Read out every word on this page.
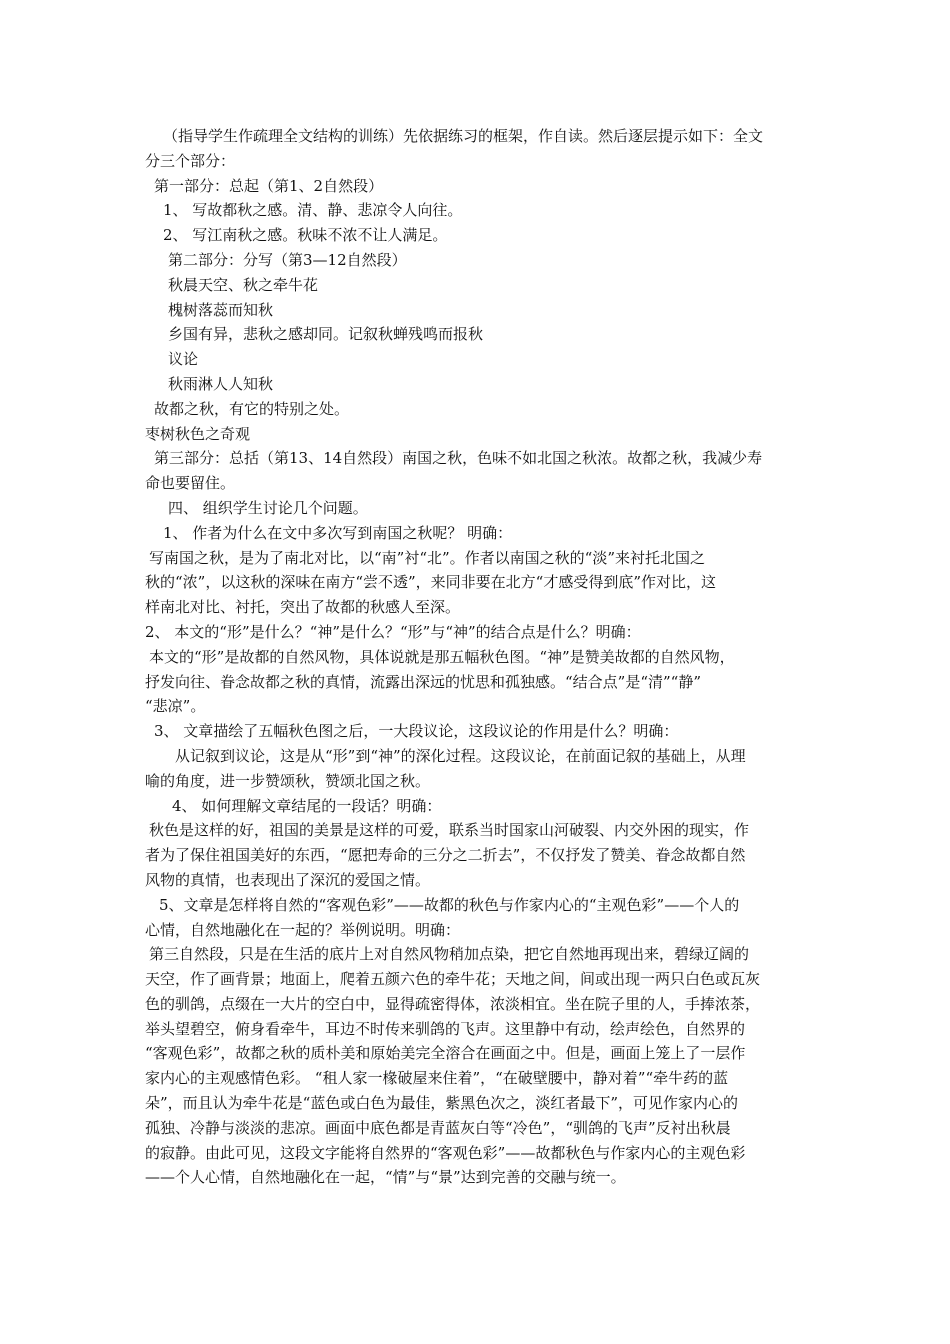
（指导学生作疏理全文结构的训练）先依据练习的框架，作自读。然后逐层提示如下：全文
分三个部分：
第一部分：总起（第1、2自然段）
1、 写故都秋之感。清、静、悲凉令人向往。
2、 写江南秋之感。秋味不浓不让人满足。
第二部分：分写（第3—12自然段）
秋晨天空、秋之牵牛花
槐树落蕊而知秋
乡国有异，悲秋之感却同。记叙秋蝉残鸣而报秋
议论
秋雨淋人人知秋
故都之秋，有它的特别之处。
枣树秋色之奇观
第三部分：总括（第13、14自然段）南国之秋，色味不如北国之秋浓。故都之秋，我减少寿
命也要留住。
四、 组织学生讨论几个问题。
1、 作者为什么在文中多次写到南国之秋呢？ 明确：
写南国之秋，是为了南北对比，以“南”衬“北”。作者以南国之秋的“淡”来衬托北国之
秋的“浓”，以这秋的深味在南方“尝不透”，来同非要在北方“才感受得到底”作对比，这
样南北对比、衬托，突出了故都的秋感人至深。
2、 本文的“形”是什么？“神”是什么？“形”与“神”的结合点是什么？明确：
本文的“形”是故都的自然风物，具体说就是那五幅秋色图。“神”是赞美故都的自然风物，
抒发向往、眷念故都之秋的真情，流露出深远的忧思和孤独感。“结合点”是“清”“静”
“悲凉”。
3、 文章描绘了五幅秋色图之后，一大段议论，这段议论的作用是什么？明确：
从记叙到议论，这是从“形”到“神”的深化过程。这段议论，在前面记叙的基础上，从理
喻的角度，进一步赞颂秋，赞颂北国之秋。
4、 如何理解文章结尾的一段话？明确：
秋色是这样的好，祖国的美景是这样的可爱，联系当时国家山河破裂、内交外困的现实，作
者为了保住祖国美好的东西，“愿把寿命的三分之二折去”，不仅抒发了赞美、眷念故都自然
风物的真情，也表现出了深沉的爱国之情。
5、文章是怎样将自然的“客观色彩”——故都的秋色与作家内心的“主观色彩”——个人的
心情，自然地融化在一起的？举例说明。明确：
第三自然段，只是在生活的底片上对自然风物稍加点染，把它自然地再现出来，碧绿辽阔的
天空，作了画背景；地面上，爬着五颜六色的牵牛花；天地之间，间或出现一两只白色或瓦灰
色的驯鸽，点缀在一大片的空白中，显得疏密得体，浓淡相宜。坐在院子里的人，手捧浓茶，
举头望碧空，俯身看牵牛，耳边不时传来驯鸽的飞声。这里静中有动，绘声绘色，自然界的
“客观色彩”，故都之秋的质朴美和原始美完全溶合在画面之中。但是，画面上笼上了一层作
家内心的主观感情色彩。 “租人家一椽破屋来住着”，“在破壁腰中，静对着”“牵牛药的蓝
朵”，而且认为牵牛花是“蓝色或白色为最佳，紫黑色次之，淡红者最下”，可见作家内心的
孤独、冷静与淡淡的悲凉。画面中底色都是青蓝灰白等“冷色”，“驯鸽的飞声”反衬出秋晨
的寂静。由此可见，这段文字能将自然界的“客观色彩”——故都秋色与作家内心的主观色彩
——个人心情，自然地融化在一起，“情”与“景”达到完善的交融与统一。
